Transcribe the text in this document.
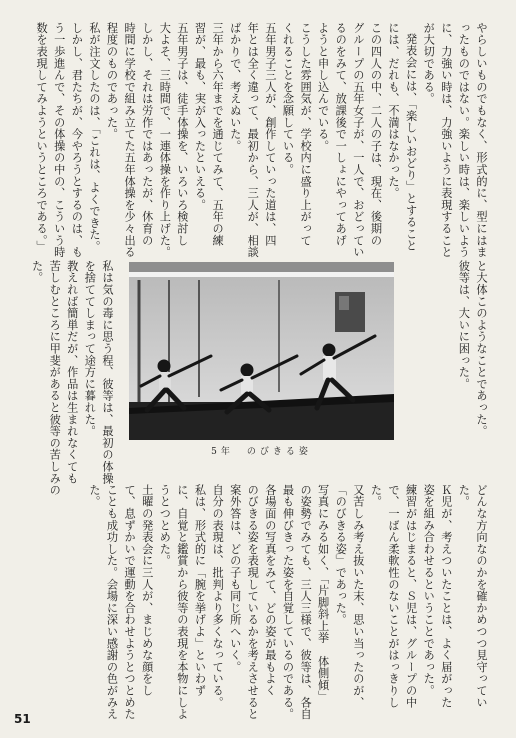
やらしいものでもなく、形式的に、型にはま
ったものではない。楽しい時は、楽しいよう
に、力強い時は、力強いように表現すること
が大切である。
発表会には、「楽しいおどり」とすること
には、だれも、不満はなかった。
この四人の中、二人の子は、現在、後期の
グループの五年女子が、一人で、おどってい
るのをみて、放課後で一しょにやってあげ
ようと申し込んでいる。
こうした雰囲気が、学校内に盛り上がって
くれることを念願している。
五年男子三人が、創作していった道は、四
年とは全く違って、最初から、三人が、相談
ばかりで、考えぬいた。
三年から六年までを通じてみて、五年の練
習が、最も、実が入ったといえる。
五年男子は、徒手体操を、いろいろ検討し
大よそ、三時間で、一連体操を作り上げた。
しかし、それは労作ではあったが、休育の
時間に学校で組み立てた五年体操を少々出る
程度のものであった。
私が注文したのは、「これは、よくできた。
しかし、君たちが、今やろうとするのは、も
う一歩進んで、その体操の中の、こういう時
数を表現してみようというところである。」
と大体このようなことであった。
彼等は、大いに困った。
私は気の毒に思う程、彼等は、最初の体操
を捨ててしまって途方に暮れた。
教えれば簡単だが、作品は生まれなくても
苦しむところに甲斐があると彼等の苦しみの
た。
5年　のびきる姿
どんな方向なのかを確かめつつ見守ってい
た。
Ｋ児が、考えついたことは、よく届がった
姿を組み合わせるということであった。
練習がはじまると、Ｓ児は、グループの中
で、一ばん柔軟性のないことがはっきりし
た。
又苦しみ考え抜いた末、思い当ったのが、
「のびきる姿」であった。
写真にみる如く、「片脚斜上挙　体側傾」
の姿勢でみても、三人三様で、彼等は、各自
最も伸びきった姿を自覚しているのである。
各場面の写真をみて、どの姿が最もよく
のびきる姿を表現しているかを考えさせると
案外答は、どの子も同じ所へいく。
自分の表現は、批判より多くなっている。
私は、形式的に「腕を挙げよ」といわず
に、自覚と鑑賞から彼等の表現を本物にしよ
うとつとめた。
土曜の発表会に三人が、まじめな顔をし
て、息ずかいで運動を合わせようとつとめた
ことも成功した。会場に深い感謝の色がみえ
た。
51
